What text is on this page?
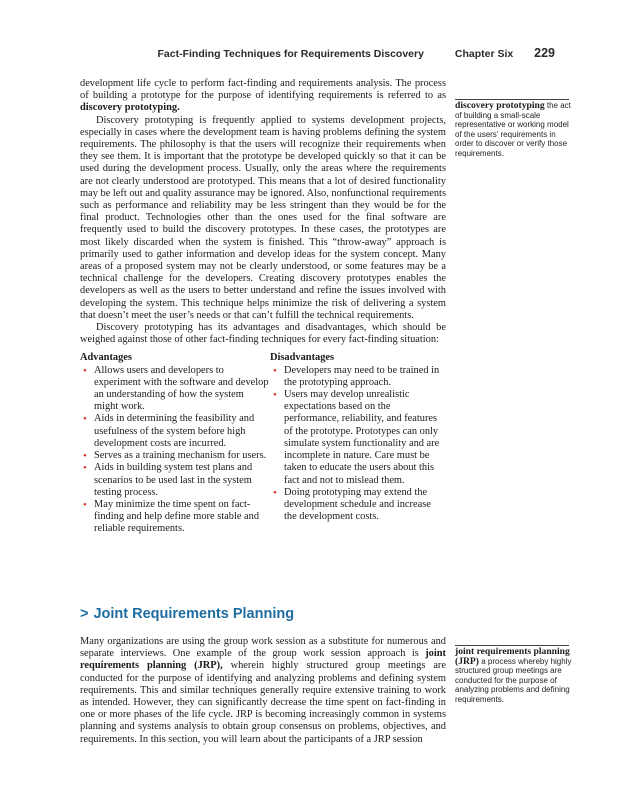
Fact-Finding Techniques for Requirements Discovery	Chapter Six 229

development life cycle to perform fact-finding and requirements analysis. The process of building a prototype for the purpose of identifying requirements is referred to as discovery prototyping.

Discovery prototyping is frequently applied to systems development projects, especially in cases where the development team is having problems defining the system requirements. The philosophy is that the users will recognize their requirements when they see them. It is important that the prototype be developed quickly so that it can be used during the development process. Usually, only the areas where the requirements are not clearly understood are prototyped. This means that a lot of desired functionality may be left out and quality assurance may be ignored. Also, nonfunctional requirements such as performance and reliability may be less stringent than they would be for the final product. Technologies other than the ones used for the final software are frequently used to build the discovery prototypes. In these cases, the prototypes are most likely discarded when the system is finished. This “throw-away” approach is primarily used to gather information and develop ideas for the system concept. Many areas of a proposed system may not be clearly understood, or some features may be a technical challenge for the developers. Creating discovery prototypes enables the developers as well as the users to better understand and refine the issues involved with developing the system. This technique helps minimize the risk of delivering a system that doesn’t meet the user’s needs or that can’t fulfill the technical requirements.

Discovery prototyping has its advantages and disadvantages, which should be weighed against those of other fact-finding techniques for every fact-finding situation:

Advantages
• Allows users and developers to experiment with the software and develop an understanding of how the system might work.
• Aids in determining the feasibility and usefulness of the system before high development costs are incurred.
• Serves as a training mechanism for users.
• Aids in building system test plans and scenarios to be used last in the system testing process.
• May minimize the time spent on fact-finding and help define more stable and reliable requirements.
Disadvantages
• Developers may need to be trained in the prototyping approach.
• Users may develop unrealistic expectations based on the performance, reliability, and features of the prototype. Prototypes can only simulate system functionality and are incomplete in nature. Care must be taken to educate the users about this fact and not to mislead them.
• Doing prototyping may extend the development schedule and increase the development costs.
> Joint Requirements Planning

Many organizations are using the group work session as a substitute for numerous and separate interviews. One example of the group work session approach is joint requirements planning (JRP), wherein highly structured group meetings are conducted for the purpose of identifying and analyzing problems and defining system requirements. This and similar techniques generally require extensive training to work as intended. However, they can significantly decrease the time spent on fact-finding in one or more phases of the life cycle. JRP is becoming increasingly common in systems planning and systems analysis to obtain group consensus on problems, objectives, and requirements. In this section, you will learn about the participants of a JRP session

discovery prototyping the act of building a small-scale representative or working model of the users’ requirements in order to discover or verify those requirements.
joint requirements planning (JRP) a process whereby highly structured group meetings are conducted for the purpose of analyzing problems and defining requirements.
